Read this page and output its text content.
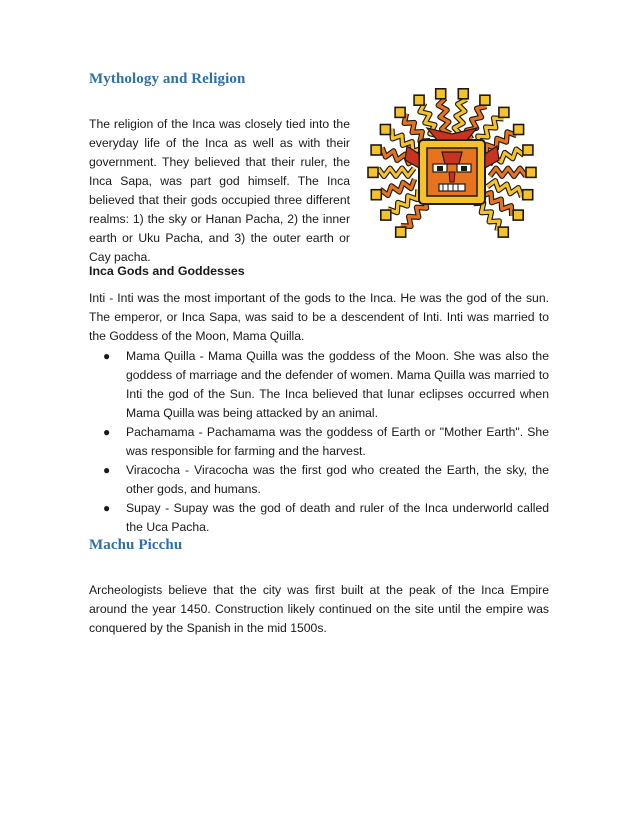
Mythology and Religion

The religion of the Inca was closely tied into the everyday life of the Inca as well as with their government. They believed that their ruler, the Inca Sapa, was part god himself. The Inca believed that their gods occupied three different realms: 1) the sky or Hanan Pacha, 2) the inner earth or Uku Pacha, and 3) the outer earth or Cay pacha.

Inca Gods and Goddesses

Inti - Inti was the most important of the gods to the Inca. He was the god of the sun. The emperor, or Inca Sapa, was said to be a descendent of Inti. Inti was married to the Goddess of the Moon, Mama Quilla.

● Mama Quilla - Mama Quilla was the goddess of the Moon. She was also the goddess of marriage and the defender of women. Mama Quilla was married to Inti the god of the Sun. The Inca believed that lunar eclipses occurred when Mama Quilla was being attacked by an animal.
● Pachamama - Pachamama was the goddess of Earth or "Mother Earth". She was responsible for farming and the harvest.
● Viracocha - Viracocha was the first god who created the Earth, the sky, the other gods, and humans.
● Supay - Supay was the god of death and ruler of the Inca underworld called the Uca Pacha.
Machu Picchu

Archeologists believe that the city was first built at the peak of the Inca Empire around the year 1450. Construction likely continued on the site until the empire was conquered by the Spanish in the mid 1500s.
